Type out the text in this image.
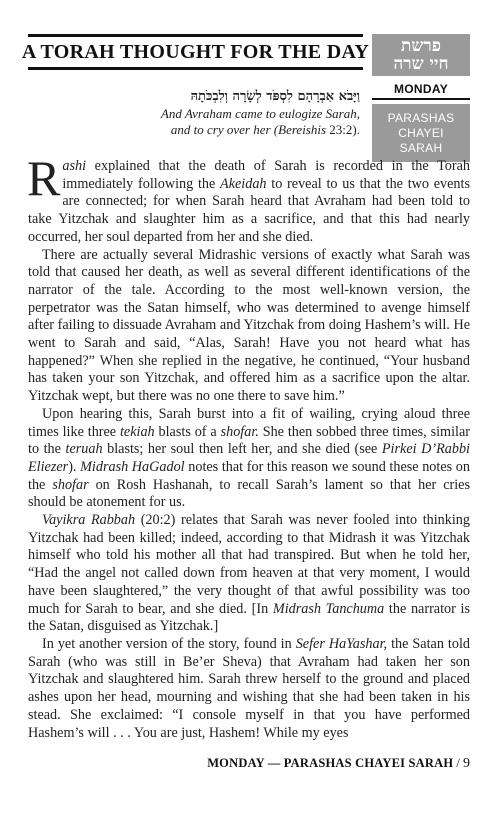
A TORAH THOUGHT FOR THE DAY פרשת
חיי שרה
MONDAY
PARASHAS
CHAYEI
SARAH
וַיָּבֹא אַבְרָהָם לִסְפֹּד לְשָׂרָה וְלִבְכֹּתָהּ
And Avraham came to eulogize Sarah,
and to cry over her (Bereishis 23:2).

Rashi explained that the death of Sarah is recorded in the Torah immediately following the Akeidah to reveal to us that the two events are connected; for when Sarah heard that Avraham had been told to take Yitzchak and slaughter him as a sacrifice, and that this had nearly occurred, her soul departed from her and she died.

There are actually several Midrashic versions of exactly what Sarah was told that caused her death, as well as several different identifications of the narrator of the tale. According to the most well-known version, the perpetrator was the Satan himself, who was determined to avenge himself after failing to dissuade Avraham and Yitzchak from doing Hashem’s will. He went to Sarah and said, “Alas, Sarah! Have you not heard what has happened?” When she replied in the negative, he continued, “Your husband has taken your son Yitzchak, and offered him as a sacrifice upon the altar. Yitzchak wept, but there was no one there to save him.”

Upon hearing this, Sarah burst into a fit of wailing, crying aloud three times like three tekiah blasts of a shofar. She then sobbed three times, similar to the teruah blasts; her soul then left her, and she died (see Pirkei D’Rabbi Eliezer). Midrash HaGadol notes that for this reason we sound these notes on the shofar on Rosh Hashanah, to recall Sarah’s lament so that her cries should be atonement for us.

Vayikra Rabbah (20:2) relates that Sarah was never fooled into thinking Yitzchak had been killed; indeed, according to that Midrash it was Yitzchak himself who told his mother all that had transpired. But when he told her, “Had the angel not called down from heaven at that very moment, I would have been slaughtered,” the very thought of that awful possibility was too much for Sarah to bear, and she died. [In Midrash Tanchuma the narrator is the Satan, disguised as Yitzchak.]

In yet another version of the story, found in Sefer HaYashar, the Satan told Sarah (who was still in Be’er Sheva) that Avraham had taken her son Yitzchak and slaughtered him. Sarah threw herself to the ground and placed ashes upon her head, mourning and wishing that she had been taken in his stead. She exclaimed: “I console myself in that you have performed Hashem’s will . . . You are just, Hashem! While my eyes

MONDAY — PARASHAS CHAYEI SARAH / 9
